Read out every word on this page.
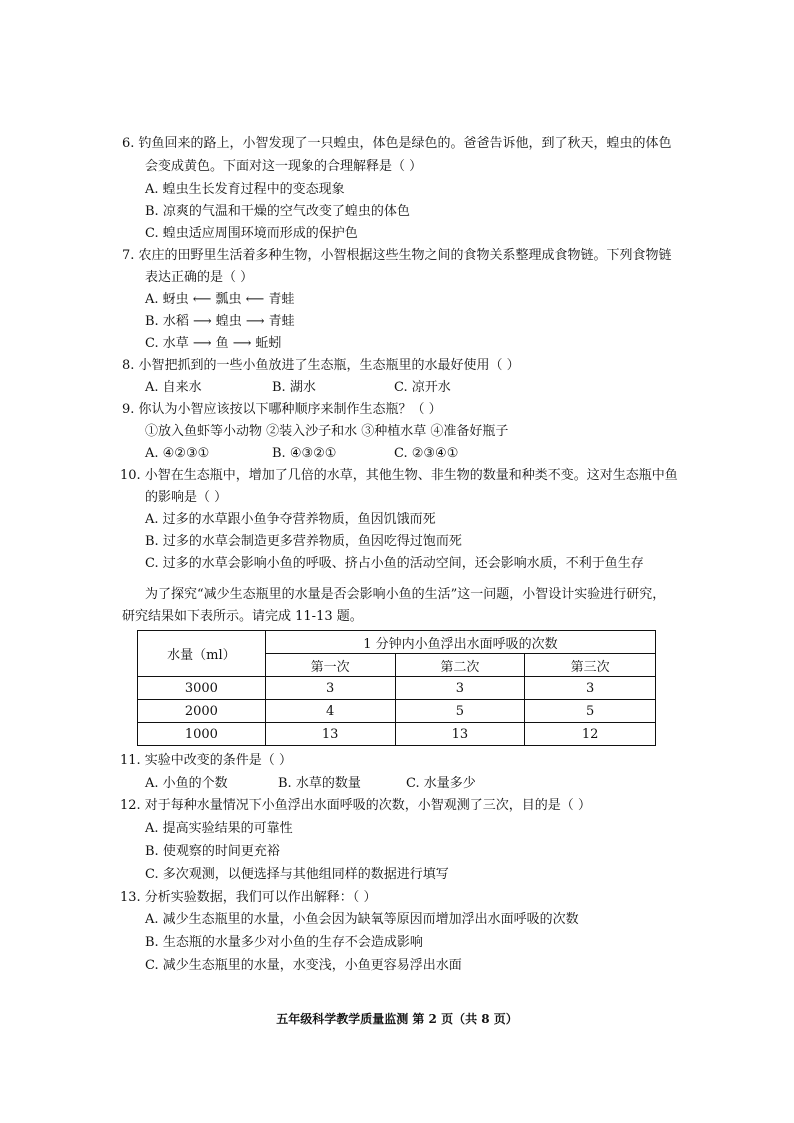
6. 钓鱼回来的路上，小智发现了一只蝗虫，体色是绿色的。爸爸告诉他，到了秋天，蝗虫的体色
会变成黄色。下面对这一现象的合理解释是（ ）
A. 蝗虫生长发育过程中的变态现象
B. 凉爽的气温和干燥的空气改变了蝗虫的体色
C. 蝗虫适应周围环境而形成的保护色
7. 农庄的田野里生活着多种生物，小智根据这些生物之间的食物关系整理成食物链。下列食物链
表达正确的是（ ）
A. 蚜虫 ⟵ 瓢虫 ⟵ 青蛙
B. 水稻 ⟶ 蝗虫 ⟶ 青蛙
C. 水草 ⟶ 鱼 ⟶ 蚯蚓
8. 小智把抓到的一些小鱼放进了生态瓶，生态瓶里的水最好使用（ ）
A. 自来水	B. 湖水	C. 凉开水
9. 你认为小智应该按以下哪种顺序来制作生态瓶？（ ）
①放入鱼虾等小动物 ②装入沙子和水 ③种植水草 ④准备好瓶子
A. ④②③①	B. ④③②①	C. ②③④①
10. 小智在生态瓶中，增加了几倍的水草，其他生物、非生物的数量和种类不变。这对生态瓶中鱼
的影响是（ ）
A. 过多的水草跟小鱼争夺营养物质，鱼因饥饿而死
B. 过多的水草会制造更多营养物质，鱼因吃得过饱而死
C. 过多的水草会影响小鱼的呼吸、挤占小鱼的活动空间，还会影响水质，不利于鱼生存
为了探究“减少生态瓶里的水量是否会影响小鱼的生活”这一问题，小智设计实验进行研究，
研究结果如下表所示。请完成 11-13 题。
水量（ml）	1 分钟内小鱼浮出水面呼吸的次数		
	第一次	第二次	第三次
3000	3	3	3
2000	4	5	5
1000	13	13	12
11. 实验中改变的条件是（ ）
A. 小鱼的个数	B. 水草的数量	C. 水量多少
12. 对于每种水量情况下小鱼浮出水面呼吸的次数，小智观测了三次，目的是（ ）
A. 提高实验结果的可靠性
B. 使观察的时间更充裕
C. 多次观测，以便选择与其他组同样的数据进行填写
13. 分析实验数据，我们可以作出解释：（ ）
A. 减少生态瓶里的水量，小鱼会因为缺氧等原因而增加浮出水面呼吸的次数
B. 生态瓶的水量多少对小鱼的生存不会造成影响
C. 减少生态瓶里的水量，水变浅，小鱼更容易浮出水面
五年级科学教学质量监测 第 2 页（共 8 页）
